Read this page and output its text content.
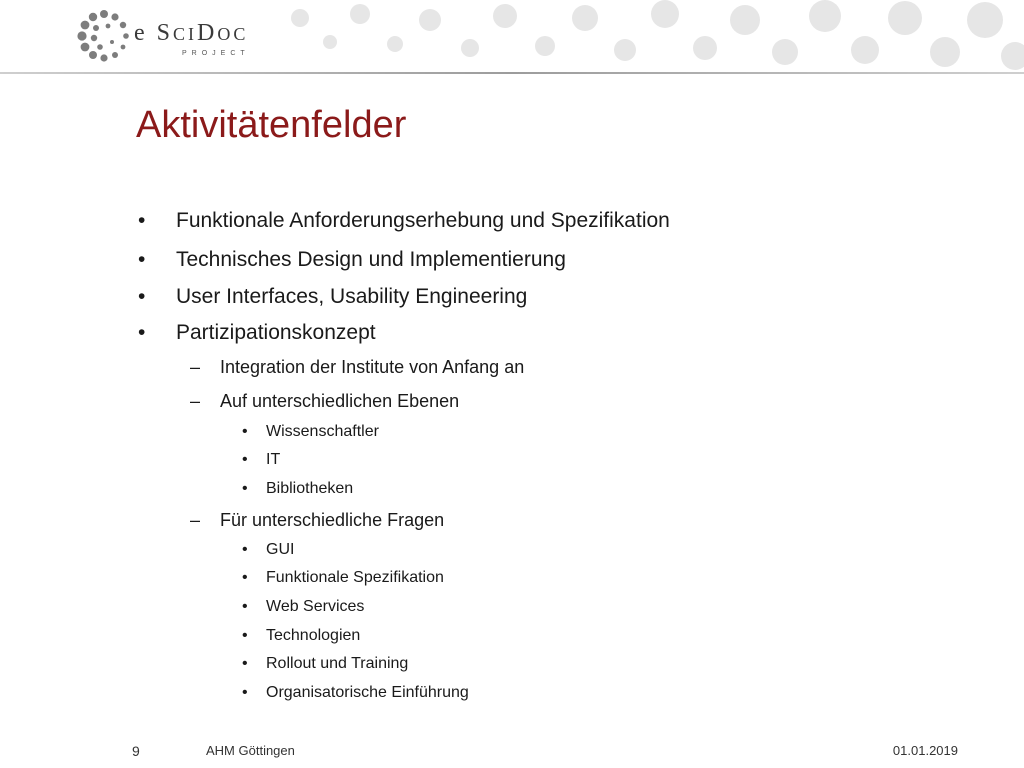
e SCIDOC
PROJECT
Aktivitätenfelder
• Funktionale Anforderungserhebung und Spezifikation
• Technisches Design und Implementierung
• User Interfaces, Usability Engineering
• Partizipationskonzept
– Integration der Institute von Anfang an
– Auf unterschiedlichen Ebenen
• Wissenschaftler
• IT
• Bibliotheken
– Für unterschiedliche Fragen
• GUI
• Funktionale Spezifikation
• Web Services
• Technologien
• Rollout und Training
• Organisatorische Einführung
9	AHM Göttingen	01.01.2019
